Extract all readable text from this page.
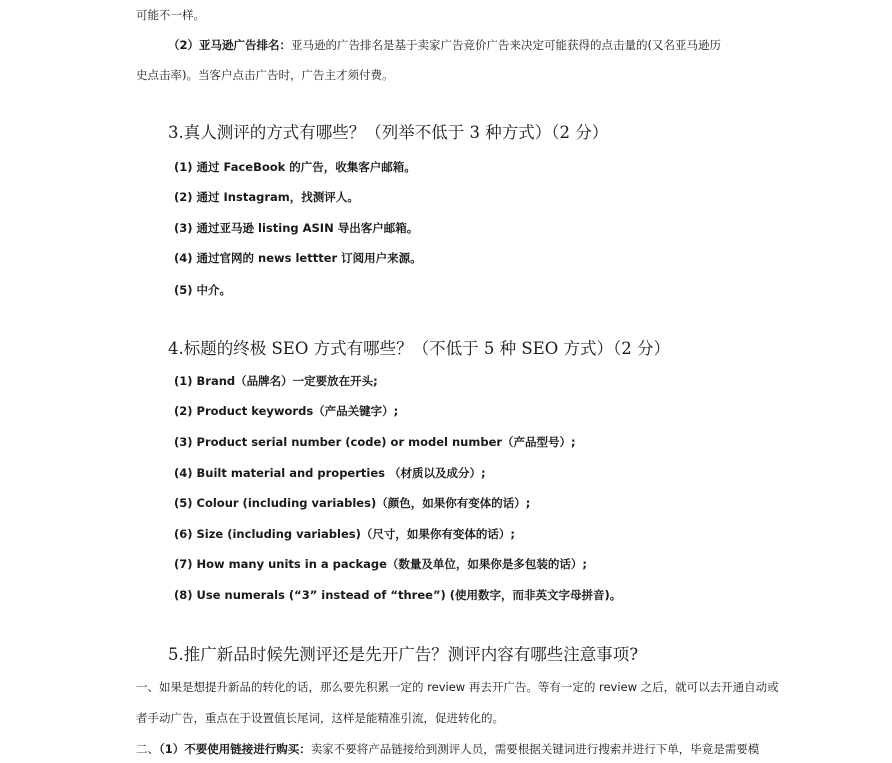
可能不一样。
（2）亚马逊广告排名：亚马逊的广告排名是基于卖家广告竞价广告来决定可能获得的点击量的(又名亚马逊历
史点击率)。当客户点击广告时，广告主才须付费。
3.真人测评的方式有哪些？（列举不低于 3 种方式）（2 分）
(1) 通过 FaceBook 的广告，收集客户邮箱。
(2) 通过 Instagram，找测评人。
(3) 通过亚马逊 listing ASIN 导出客户邮箱。
(4) 通过官网的 news lettter 订阅用户来源。
(5) 中介。
4.标题的终极 SEO 方式有哪些？（不低于 5 种 SEO 方式）（2 分）
(1) Brand（品牌名）一定要放在开头;
(2) Product keywords（产品关键字）;
(3) Product serial number (code) or model number（产品型号）;
(4) Built material and properties （材质以及成分）;
(5) Colour (including variables)（颜色，如果你有变体的话）;
(6) Size (including variables)（尺寸，如果你有变体的话）;
(7) How many units in a package（数量及单位，如果你是多包装的话）;
(8) Use numerals (“3” instead of “three”) (使用数字，而非英文字母拼音)。
5.推广新品时候先测评还是先开广告？测评内容有哪些注意事项?
一、如果是想提升新品的转化的话，那么要先积累一定的 review 再去开广告。等有一定的 review 之后，就可以去开通自动或
者手动广告，重点在于设置值长尾词，这样是能精准引流，促进转化的。
二、（1）不要使用链接进行购买：卖家不要将产品链接给到测评人员，需要根据关键词进行搜索并进行下单，毕竟是需要模
